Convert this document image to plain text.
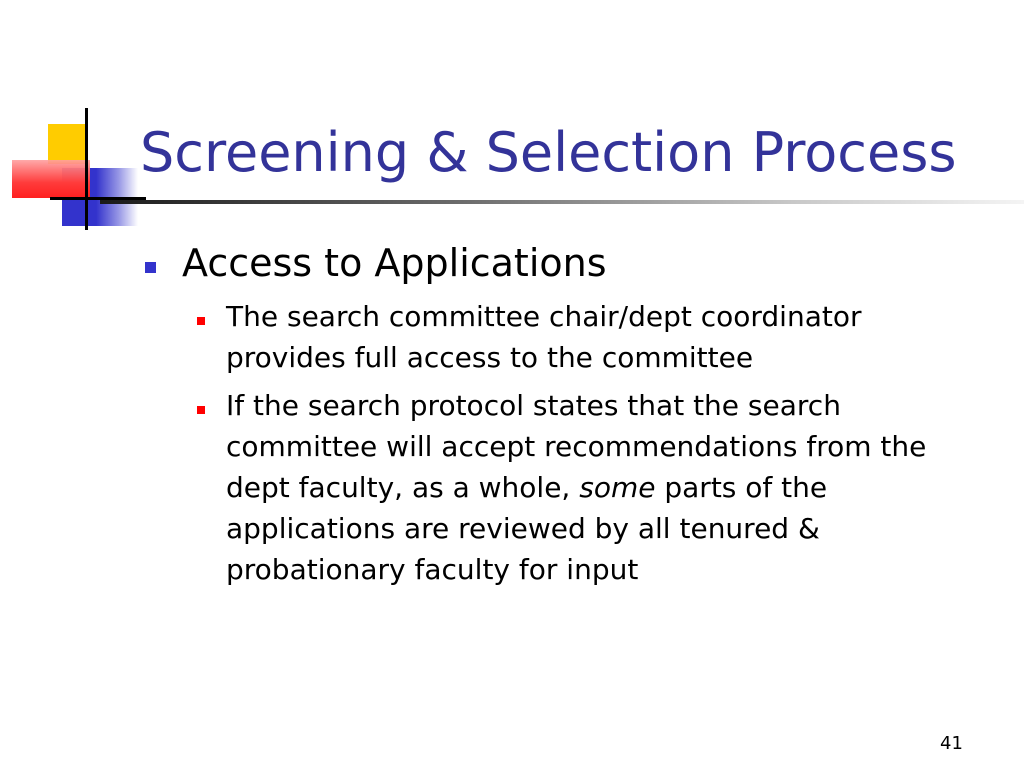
Screening & Selection Process
Access to Applications
The search committee chair/dept coordinator provides full access to the committee
If the search protocol states that the search committee will accept recommendations from the dept faculty, as a whole, some parts of the applications are reviewed by all tenured & probationary faculty for input
41
